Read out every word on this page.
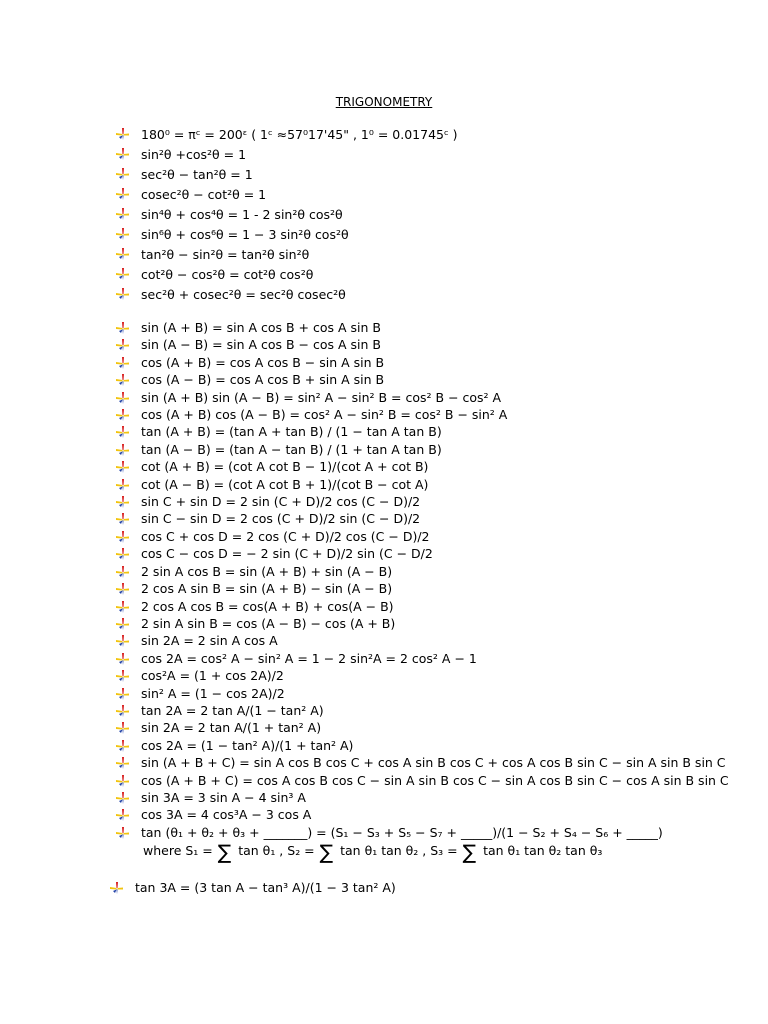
TRIGONOMETRY
180⁰ = πᶜ = 200ᵋ ( 1ᶜ ≈57⁰17'45" , 1⁰ = 0.01745ᶜ )
sin²θ +cos²θ = 1
sec²θ − tan²θ = 1
cosec²θ − cot²θ = 1
sin⁴θ + cos⁴θ = 1 - 2 sin²θ cos²θ
sin⁶θ + cos⁶θ = 1 − 3 sin²θ cos²θ
tan²θ − sin²θ = tan²θ sin²θ
cot²θ − cos²θ = cot²θ cos²θ
sec²θ + cosec²θ = sec²θ cosec²θ
sin (A + B) = sin A cos B + cos A sin B
sin (A − B) = sin A cos B − cos A sin B
cos (A + B) = cos A cos B − sin A sin B
cos (A − B) = cos A cos B + sin A sin B
sin (A + B) sin (A − B) = sin² A − sin² B = cos² B − cos² A
cos (A + B) cos (A − B) = cos² A − sin² B = cos² B − sin² A
tan (A + B) = (tan A + tan B) / (1 − tan A tan B)
tan (A − B) = (tan A − tan B) / (1 + tan A tan B)
cot (A + B) = (cot A cot B − 1)/(cot A + cot B)
cot (A − B) = (cot A cot B + 1)/(cot B − cot A)
sin C + sin D = 2 sin (C + D)/2 cos (C − D)/2
sin C − sin D = 2 cos (C + D)/2 sin (C − D)/2
cos C + cos D = 2 cos (C + D)/2 cos (C − D)/2
cos C − cos D = − 2 sin (C + D)/2 sin (C − D/2
2 sin A cos B = sin (A + B) + sin (A − B)
2 cos A sin B = sin (A + B) − sin (A − B)
2 cos A cos B = cos(A + B) + cos(A − B)
2 sin A sin B = cos (A − B) − cos (A + B)
sin 2A = 2 sin A cos A
cos 2A = cos² A − sin² A = 1 − 2 sin²A = 2 cos² A − 1
cos²A = (1 + cos 2A)/2
sin² A = (1 − cos 2A)/2
tan 2A = 2 tan A/(1 − tan² A)
sin 2A = 2 tan A/(1 + tan² A)
cos 2A = (1 − tan² A)/(1 + tan² A)
sin (A + B + C) = sin A cos B cos C + cos A sin B cos C + cos A cos B sin C − sin A sin B sin C
cos (A + B + C) = cos A cos B cos C − sin A sin B cos C − sin A cos B sin C − cos A sin B sin C
sin 3A = 3 sin A − 4 sin³ A
cos 3A = 4 cos³A − 3 cos A
tan (θ₁ + θ₂ + θ₃ + _______) = (S₁ − S₃ + S₅ − S₇ + _____)/(1 − S₂ + S₄ − S₆ + _____)
where S₁ = ∑ tan θ₁ , S₂ = ∑ tan θ₁ tan θ₂ , S₃ = ∑ tan θ₁ tan θ₂ tan θ₃
tan 3A = (3 tan A − tan³ A)/(1 − 3 tan² A)
